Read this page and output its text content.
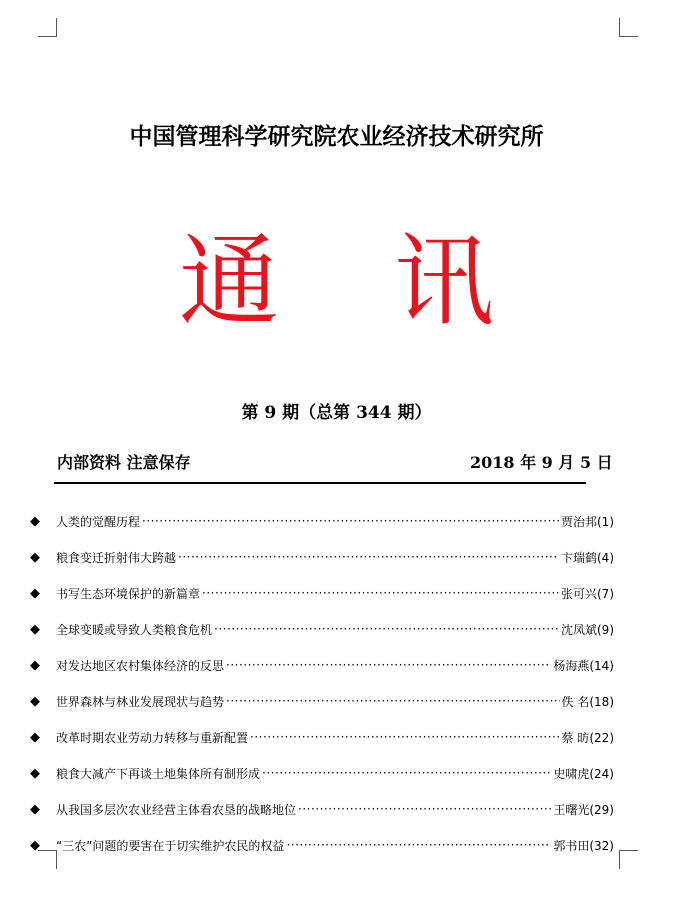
中国管理科学研究院农业经济技术研究所
通 讯
第 9 期（总第 344 期）
内部资料 注意保存	2018 年 9 月 5 日
◆	人类的觉醒历程 ·····	贾治邦(1)
◆	粮食变迁折射伟大跨越 ·····	卞瑞鹤(4)
◆	书写生态环境保护的新篇章 ·····	张可兴(7)
◆	全球变暖或导致人类粮食危机 ·····	沈凤斌(9)
◆	对发达地区农村集体经济的反思 ·····	杨海燕(14)
◆	世界森林与林业发展现状与趋势 ·····	佚 名(18)
◆	改革时期农业劳动力转移与重新配置 ·····	蔡 昉(22)
◆	粮食大减产下再谈土地集体所有制形成 ·····	史啸虎(24)
◆	从我国多层次农业经营主体看农垦的战略地位 ·····	王曙光(29)
◆	“三农”问题的要害在于切实维护农民的权益 ·····	郭书田(32)
